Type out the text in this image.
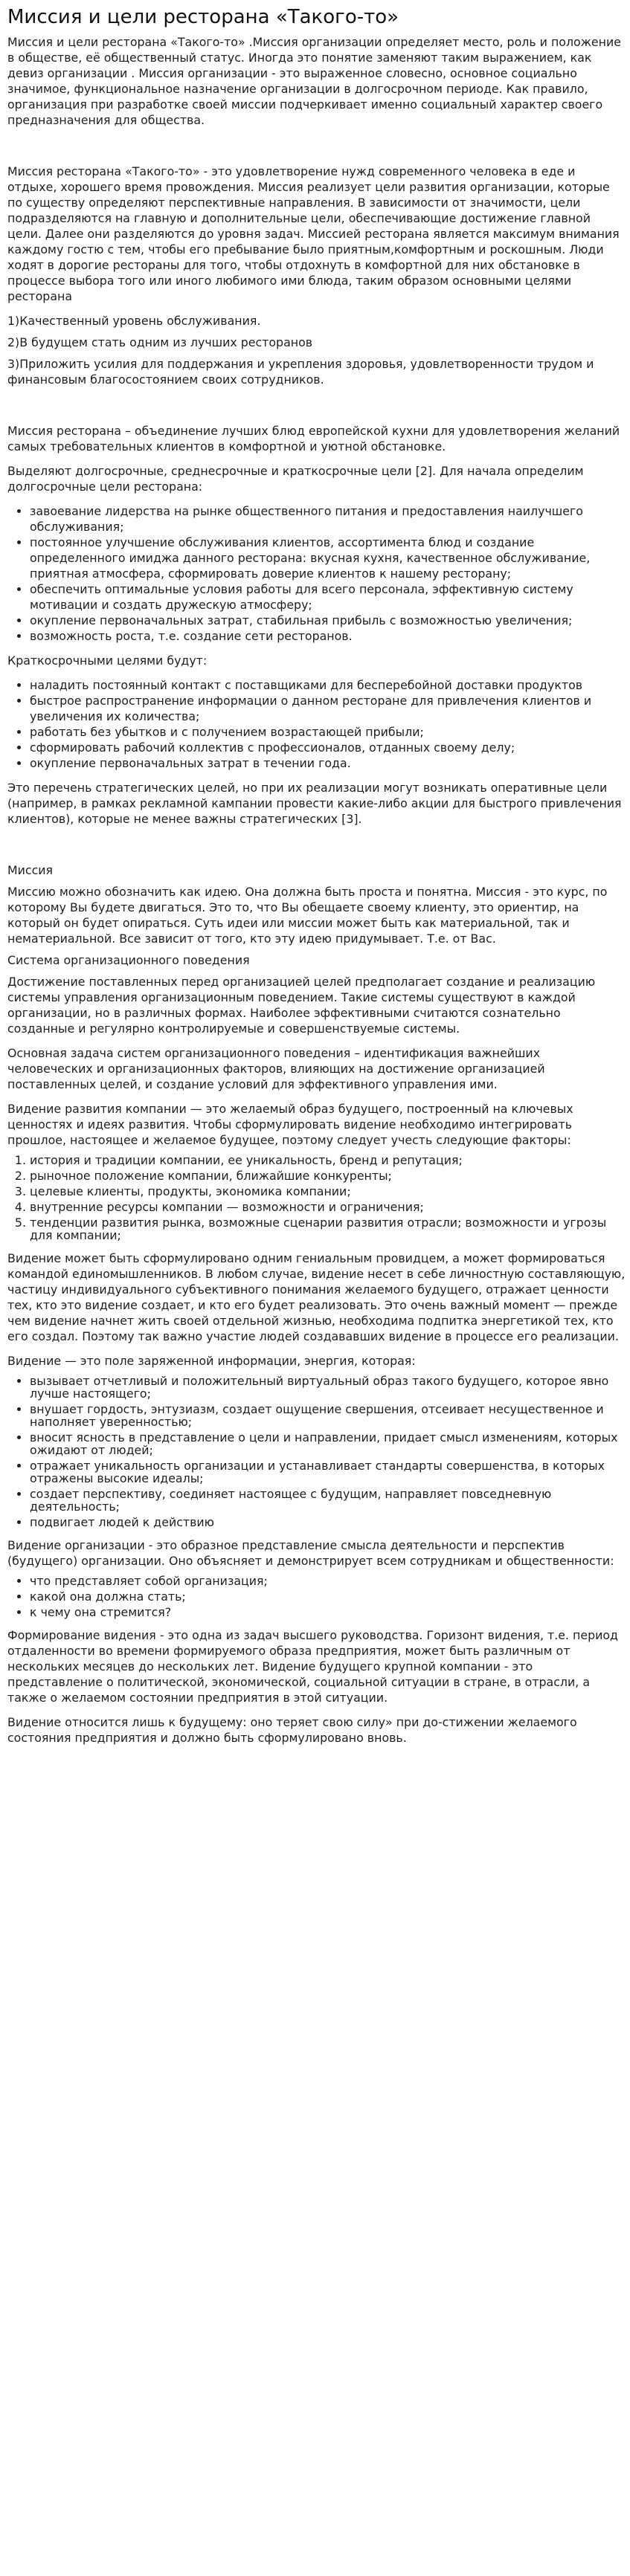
Миссия и цели ресторана «Такого-то»

Миссия и цели ресторана «Такого-то» .Миссия организации определяет место, роль и положение в обществе, её общественный статус. Иногда это понятие заменяют таким выражением, как девиз организации . Миссия организации - это выраженное словесно, основное социально значимое, функциональное назначение организации в долгосрочном периоде. Как правило, организация при разработке своей миссии подчеркивает именно социальный характер своего предназначения для общества.

Миссия ресторана «Такого-то» - это удовлетворение нужд современного человека в еде и отдыхе, хорошего время провождения. Миссия реализует цели развития организации, которые по существу определяют перспективные направления. В зависимости от значимости, цели подразделяются на главную и дополнительные цели, обеспечивающие достижение главной цели. Далее они разделяются до уровня задач. Миссией ресторана является максимум внимания каждому гостю с тем, чтобы его пребывание было приятным,комфортным и роскошным. Люди ходят в дорогие рестораны для того, чтобы отдохнуть в комфортной для них обстановке в процессе выбора того или иного любимого ими блюда, таким образом основными целями ресторана

1)Качественный уровень обслуживания.

2)В будущем стать одним из лучших ресторанов

3)Приложить усилия для поддержания и укрепления здоровья, удовлетворенности трудом и финансовым благосостоянием своих сотрудников.

Миссия ресторана – объединение лучших блюд европейской кухни для удовлетворения желаний самых требовательных клиентов в комфортной и уютной обстановке.

Выделяют долгосрочные, среднесрочные и краткосрочные цели [2]. Для начала определим долгосрочные цели ресторана:

• завоевание лидерства на рынке общественного питания и предоставления наилучшего обслуживания;
• постоянное улучшение обслуживания клиентов, ассортимента блюд и создание определенного имиджа данного ресторана: вкусная кухня, качественное обслуживание, приятная атмосфера, сформировать доверие клиентов к нашему ресторану;
• обеспечить оптимальные условия работы для всего персонала, эффективную систему мотивации и создать дружескую атмосферу;
• окупление первоначальных затрат, стабильная прибыль с возможностью увеличения;
• возможность роста, т.е. создание сети ресторанов.

Краткосрочными целями будут:

• наладить постоянный контакт с поставщиками для бесперебойной доставки продуктов
• быстрое распространение информации о данном ресторане для привлечения клиентов и увеличения их количества;
• работать без убытков и с получением возрастающей прибыли;
• сформировать рабочий коллектив с профессионалов, отданных своему делу;
• окупление первоначальных затрат в течении года.

Это перечень стратегических целей, но при их реализации могут возникать оперативные цели (например, в рамках рекламной кампании провести какие-либо акции для быстрого привлечения клиентов), которые не менее важны стратегических [3].

Миссия

Миссию можно обозначить как идею. Она должна быть проста и понятна. Миссия - это курс, по которому Вы будете двигаться. Это то, что Вы обещаете своему клиенту, это ориентир, на который он будет опираться. Суть идеи или миссии может быть как материальной, так и нематериальной. Все зависит от того, кто эту идею придумывает. Т.е. от Вас.

Система организационного поведения

Достижение поставленных перед организацией целей предполагает создание и реализацию системы управления организационным поведением. Такие системы существуют в каждой организации, но в различных формах. Наиболее эффективными считаются сознательно созданные и регулярно контролируемые и совершенствуемые системы.

Основная задача систем организационного поведения – идентификация важнейших человеческих и организационных факторов, влияющих на достижение организацией поставленных целей, и создание условий для эффективного управления ими.

Видение развития компании — это желаемый образ будущего, построенный на ключевых ценностях и идеях развития. Чтобы сформулировать видение необходимо интегрировать прошлое, настоящее и желаемое будущее, поэтому следует учесть следующие факторы:

1. история и традиции компании, ее уникальность, бренд и репутация;
2. рыночное положение компании, ближайшие конкуренты;
3. целевые клиенты, продукты, экономика компании;
4. внутренние ресурсы компании — возможности и ограничения;
5. тенденции развития рынка, возможные сценарии развития отрасли; возможности и угрозы для компании;

Видение может быть сформулировано одним гениальным провидцем, а может формироваться командой единомышленников. В любом случае, видение несет в себе личностную составляющую, частицу индивидуального субъективного понимания желаемого будущего, отражает ценности тех, кто это видение создает, и кто его будет реализовать. Это очень важный момент — прежде чем видение начнет жить своей отдельной жизнью, необходима подпитка энергетикой тех, кто его создал. Поэтому так важно участие людей создававших видение в процессе его реализации.

Видение — это поле заряженной информации, энергия, которая:

• вызывает отчетливый и положительный виртуальный образ такого будущего, которое явно лучше настоящего;
• внушает гордость, энтузиазм, создает ощущение свершения, отсеивает несущественное и наполняет уверенностью;
• вносит ясность в представление о цели и направлении, придает смысл изменениям, которых ожидают от людей;
• отражает уникальность организации и устанавливает стандарты совершенства, в которых отражены высокие идеалы;
• создает перспективу, соединяет настоящее с будущим, направляет повседневную деятельность;
• подвигает людей к действию

Видение организации - это образное представление смысла деятельности и перспектив (будущего) организации. Оно объясняет и демонстрирует всем сотрудникам и общественности:

• что представляет собой организация;
• какой она должна стать;
• к чему она стремится?

Формирование видения - это одна из задач высшего руководства. Горизонт видения, т.е. период отдаленности во времени формируемого образа предприятия, может быть различным от нескольких месяцев до нескольких лет. Видение будущего крупной компании - это представление о политической, экономической, социальной ситуации в стране, в отрасли, а также о желаемом состоянии предприятия в этой ситуации.

Видение относится лишь к будущему: оно теряет свою силу» при до-стижении желаемого состояния предприятия и должно быть сформулировано вновь.
